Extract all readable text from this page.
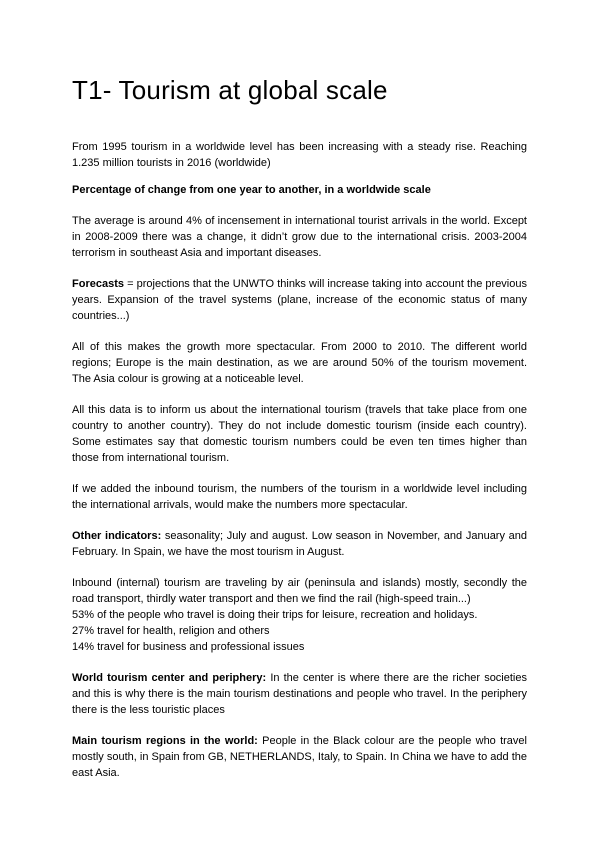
T1- Tourism at global scale

From 1995 tourism in a worldwide level has been increasing with a steady rise. Reaching 1.235 million tourists in 2016 (worldwide)

Percentage of change from one year to another, in a worldwide scale

The average is around 4% of incensement in international tourist arrivals in the world. Except in 2008-2009 there was a change, it didn’t grow due to the international crisis. 2003-2004 terrorism in southeast Asia and important diseases.

Forecasts = projections that the UNWTO thinks will increase taking into account the previous years. Expansion of the travel systems (plane, increase of the economic status of many countries...)

All of this makes the growth more spectacular. From 2000 to 2010. The different world regions; Europe is the main destination, as we are around 50% of the tourism movement. The Asia colour is growing at a noticeable level.

All this data is to inform us about the international tourism (travels that take place from one country to another country). They do not include domestic tourism (inside each country). Some estimates say that domestic tourism numbers could be even ten times higher than those from international tourism.

If we added the inbound tourism, the numbers of the tourism in a worldwide level including the international arrivals, would make the numbers more spectacular.

Other indicators: seasonality; July and august. Low season in November, and January and February. In Spain, we have the most tourism in August.

Inbound (internal) tourism are traveling by air (peninsula and islands) mostly, secondly the road transport, thirdly water transport and then we find the rail (high-speed train...)

53% of the people who travel is doing their trips for leisure, recreation and holidays.

27% travel for health, religion and others

14% travel for business and professional issues

World tourism center and periphery: In the center is where there are the richer societies and this is why there is the main tourism destinations and people who travel. In the periphery there is the less touristic places

Main tourism regions in the world: People in the Black colour are the people who travel mostly south, in Spain from GB, NETHERLANDS, Italy, to Spain. In China we have to add the east Asia.
